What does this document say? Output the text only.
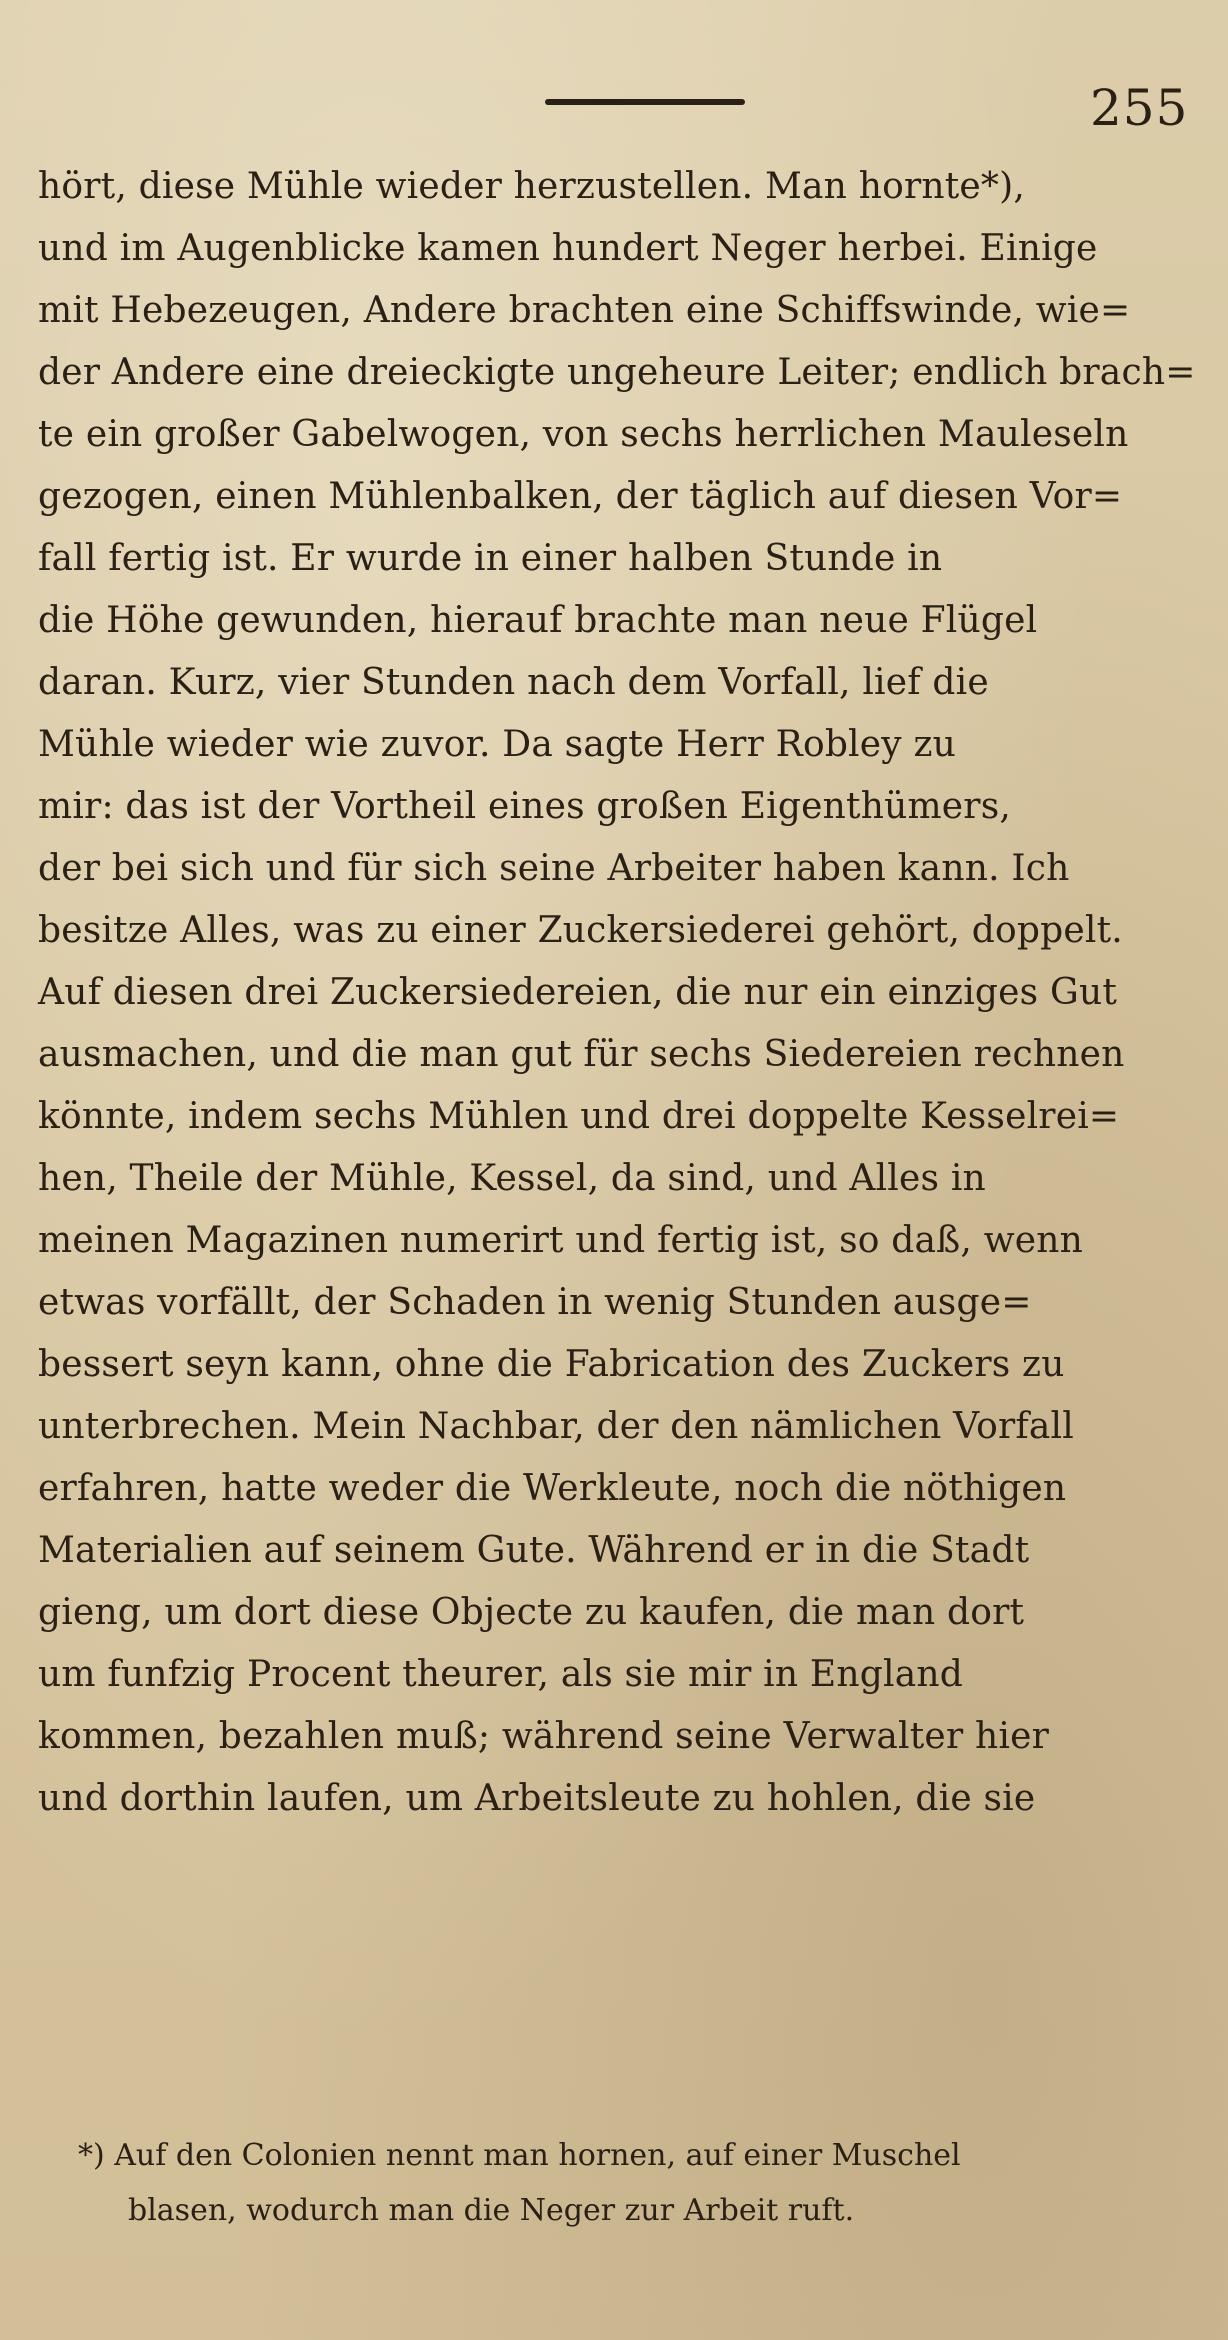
255
hört, diese Mühle wieder herzustellen. Man hornte*),
und im Augenblicke kamen hundert Neger herbei. Einige
mit Hebezeugen, Andere brachten eine Schiffswinde, wie=
der Andere eine dreieckigte ungeheure Leiter; endlich brach=
te ein großer Gabelwogen, von sechs herrlichen Mauleseln
gezogen, einen Mühlenbalken, der täglich auf diesen Vor=
fall fertig ist. Er wurde in einer halben Stunde in
die Höhe gewunden, hierauf brachte man neue Flügel
daran. Kurz, vier Stunden nach dem Vorfall, lief die
Mühle wieder wie zuvor. Da sagte Herr Robley zu
mir: das ist der Vortheil eines großen Eigenthümers,
der bei sich und für sich seine Arbeiter haben kann. Ich
besitze Alles, was zu einer Zuckersiederei gehört, doppelt.
Auf diesen drei Zuckersiedereien, die nur ein einziges Gut
ausmachen, und die man gut für sechs Siedereien rechnen
könnte, indem sechs Mühlen und drei doppelte Kesselrei=
hen, Theile der Mühle, Kessel, da sind, und Alles in
meinen Magazinen numerirt und fertig ist, so daß, wenn
etwas vorfällt, der Schaden in wenig Stunden ausge=
bessert seyn kann, ohne die Fabrication des Zuckers zu
unterbrechen. Mein Nachbar, der den nämlichen Vorfall
erfahren, hatte weder die Werkleute, noch die nöthigen
Materialien auf seinem Gute. Während er in die Stadt
gieng, um dort diese Objecte zu kaufen, die man dort
um funfzig Procent theurer, als sie mir in England
kommen, bezahlen muß; während seine Verwalter hier
und dorthin laufen, um Arbeitsleute zu hohlen, die sie
*) Auf den Colonien nennt man hornen, auf einer Muschel
blasen, wodurch man die Neger zur Arbeit ruft.
